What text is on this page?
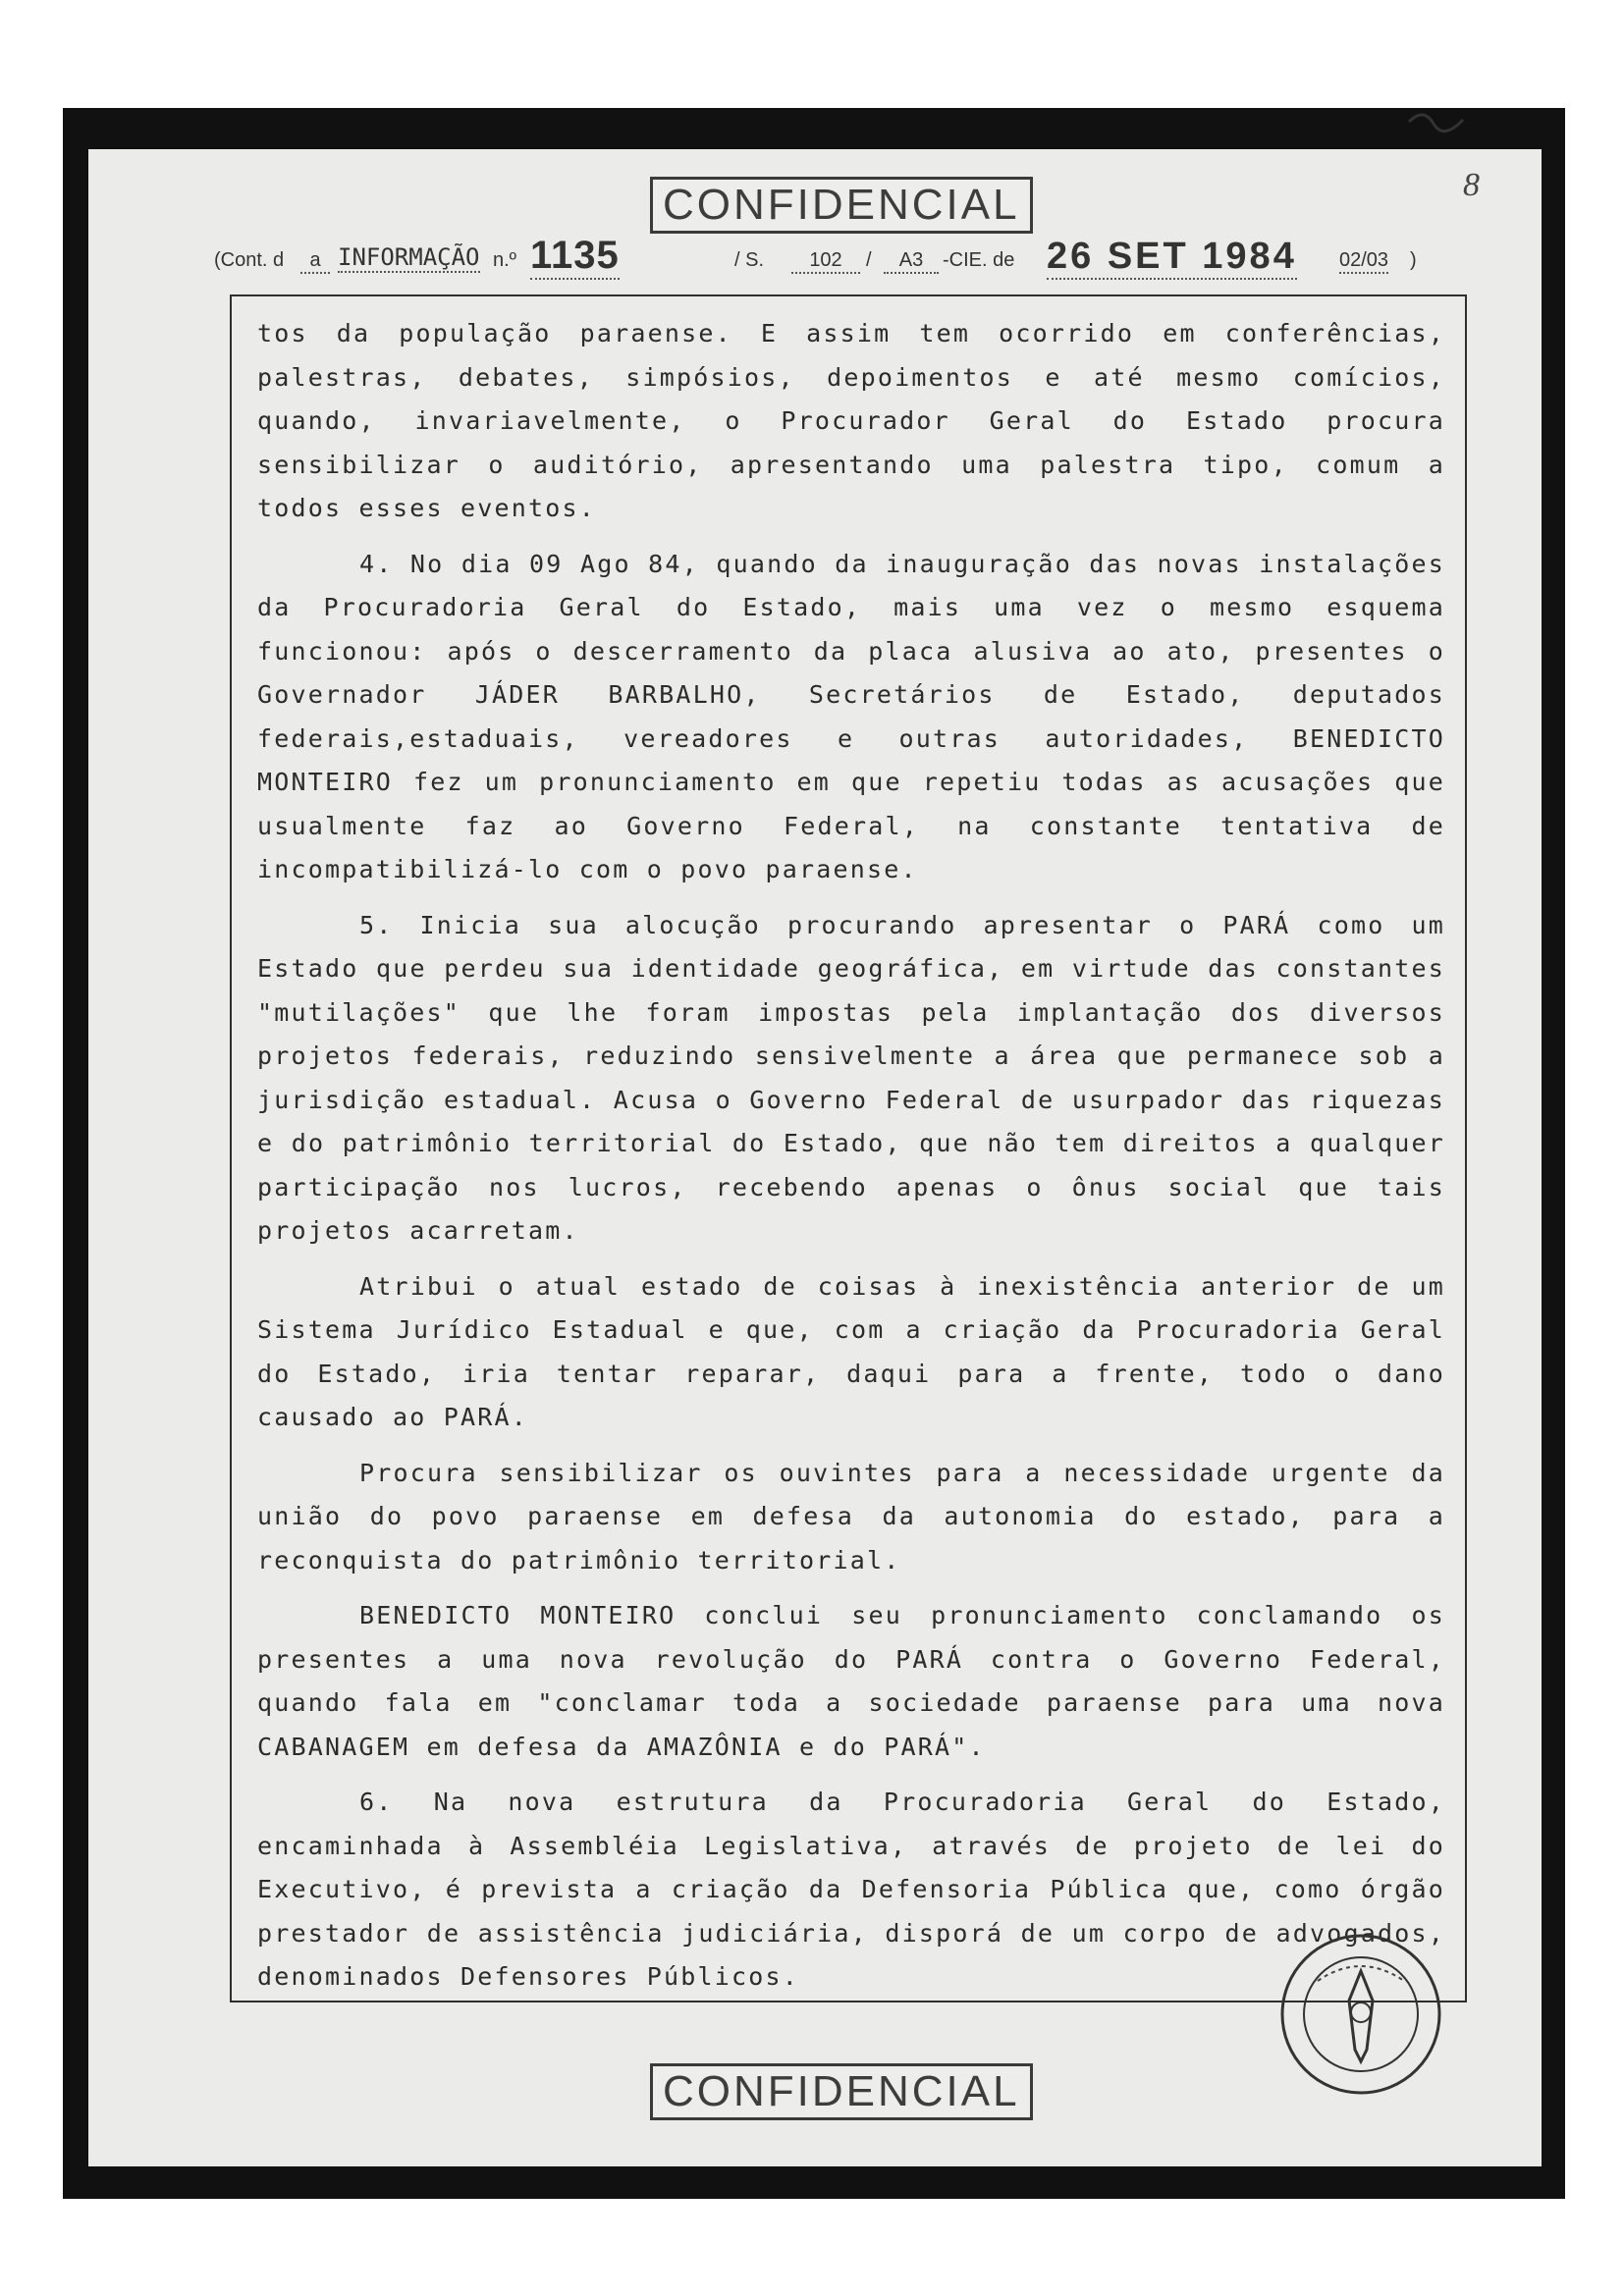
CONFIDENCIAL	8
(Cont. d	a INFORMAÇÃO n.º 1135	/ S.	102	/	A3 -CIE. de 26 SET 1984 02/03 )

tos da população paraense. E assim tem ocorrido em conferências, palestras, debates, simpósios, depoimentos e até mesmo comícios, quando, invariavelmente, o Procurador Geral do Estado procura sensibilizar o auditório, apresentando uma palestra tipo, comum a todos esses eventos.

4. No dia 09 Ago 84, quando da inauguração das novas instalações da Procuradoria Geral do Estado, mais uma vez o mesmo esquema funcionou: após o descerramento da placa alusiva ao ato, presentes o Governador JÁDER BARBALHO, Secretários de Estado, deputados federais,estaduais, vereadores e outras autoridades, BENEDICTO MONTEIRO fez um pronunciamento em que repetiu todas as acusações que usualmente faz ao Governo Federal, na constante tentativa de incompatibilizá-lo com o povo paraense.

5. Inicia sua alocução procurando apresentar o PARÁ como um Estado que perdeu sua identidade geográfica, em virtude das constantes "mutilações" que lhe foram impostas pela implantação dos diversos projetos federais, reduzindo sensivelmente a área que permanece sob a jurisdição estadual. Acusa o Governo Federal de usurpador das riquezas e do patrimônio territorial do Estado, que não tem direitos a qualquer participação nos lucros, recebendo apenas o ônus social que tais projetos acarretam.

Atribui o atual estado de coisas à inexistência anterior de um Sistema Jurídico Estadual e que, com a criação da Procuradoria Geral do Estado, iria tentar reparar, daqui para a frente, todo o dano causado ao PARÁ.

Procura sensibilizar os ouvintes para a necessidade urgente da união do povo paraense em defesa da autonomia do estado, para a reconquista do patrimônio territorial.

BENEDICTO MONTEIRO conclui seu pronunciamento conclamando os presentes a uma nova revolução do PARÁ contra o Governo Federal, quando fala em "conclamar toda a sociedade paraense para uma nova CABANAGEM em defesa da AMAZÔNIA e do PARÁ".

6. Na nova estrutura da Procuradoria Geral do Estado, encaminhada à Assembléia Legislativa, através de projeto de lei do Executivo, é prevista a criação da Defensoria Pública que, como órgão prestador de assistência judiciária, disporá de um corpo de advogados, denominados Defensores Públicos.

CONFIDENCIAL
